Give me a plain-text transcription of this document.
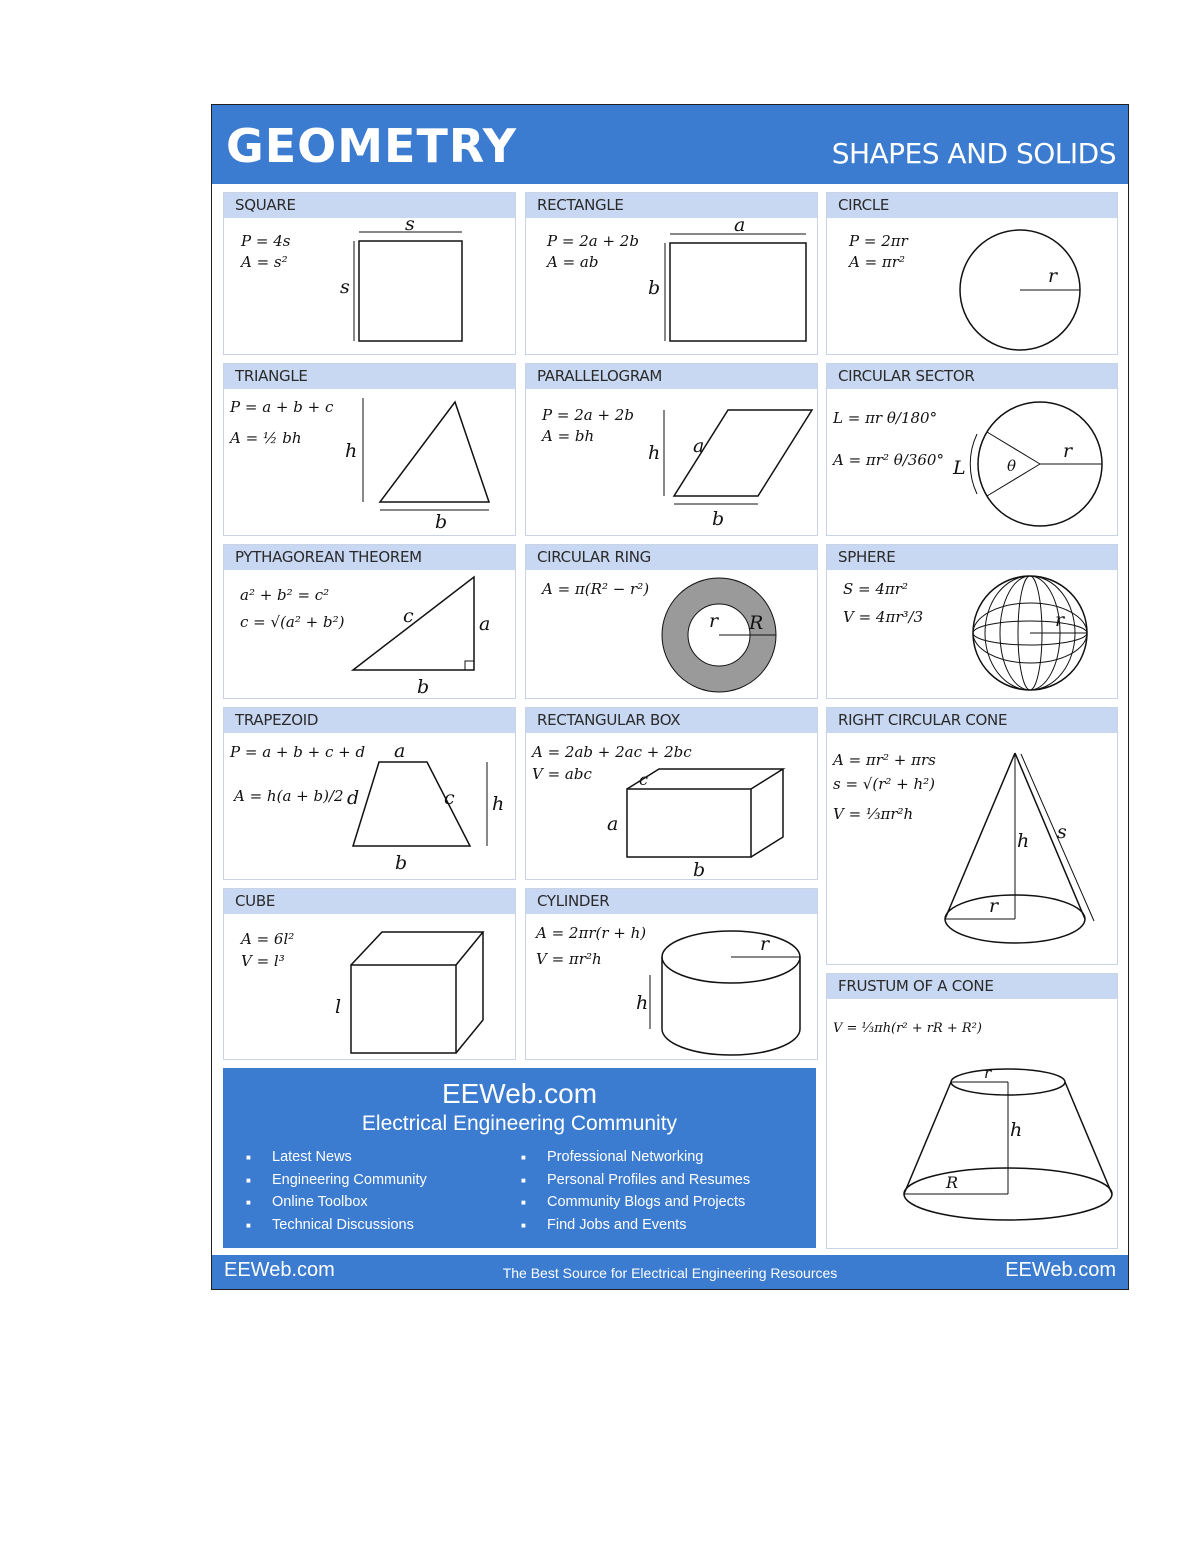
GEOMETRY	SHAPES AND SOLIDS
SQUARE
P = 4s
A = s²
s
s
RECTANGLE
P = 2a + 2b
A = ab
a
b
CIRCLE
P = 2πr
A = πr²
r
TRIANGLE
P = a + b + c
A = ½ bh
h
b
PARALLELOGRAM
P = 2a + 2b
A = bh
h a
b
CIRCULAR SECTOR
L = πr θ/180°
A = πr² θ/360° L	θ
r
PYTHAGOREAN THEOREM
a² + b² = c²
c = √(a² + b²)	c	a
b
CIRCULAR RING
A = π(R² − r²)
r R
SPHERE
S = 4πr²
V = 4πr³/3	r
TRAPEZOID
P = a + b + c + d
A = h(a + b)/2
a
b
c
d	h
RECTANGULAR BOX
A = 2ab + 2ac + 2bc
V = abc	c
a
b
RIGHT CIRCULAR CONE
A = πr² + πrs
s = √(r² + h²)
V = ⅓πr²h
h s
r
CUBE
A = 6l²
V = l³
l
CYLINDER
A = 2πr(r + h)
V = πr²h
r
h
FRUSTUM OF A CONE
V = ⅓πh(r² + rR + R²)
r
h
R
EEWeb.com
Electrical Engineering Community
■ Latest News
■ Engineering Community
■ Online Toolbox
■ Technical Discussions
■ Professional Networking
■ Personal Profiles and Resumes
■ Community Blogs and Projects
■ Find Jobs and Events
EEWeb.com	The Best Source for Electrical Engineering Resources	EEWeb.com
